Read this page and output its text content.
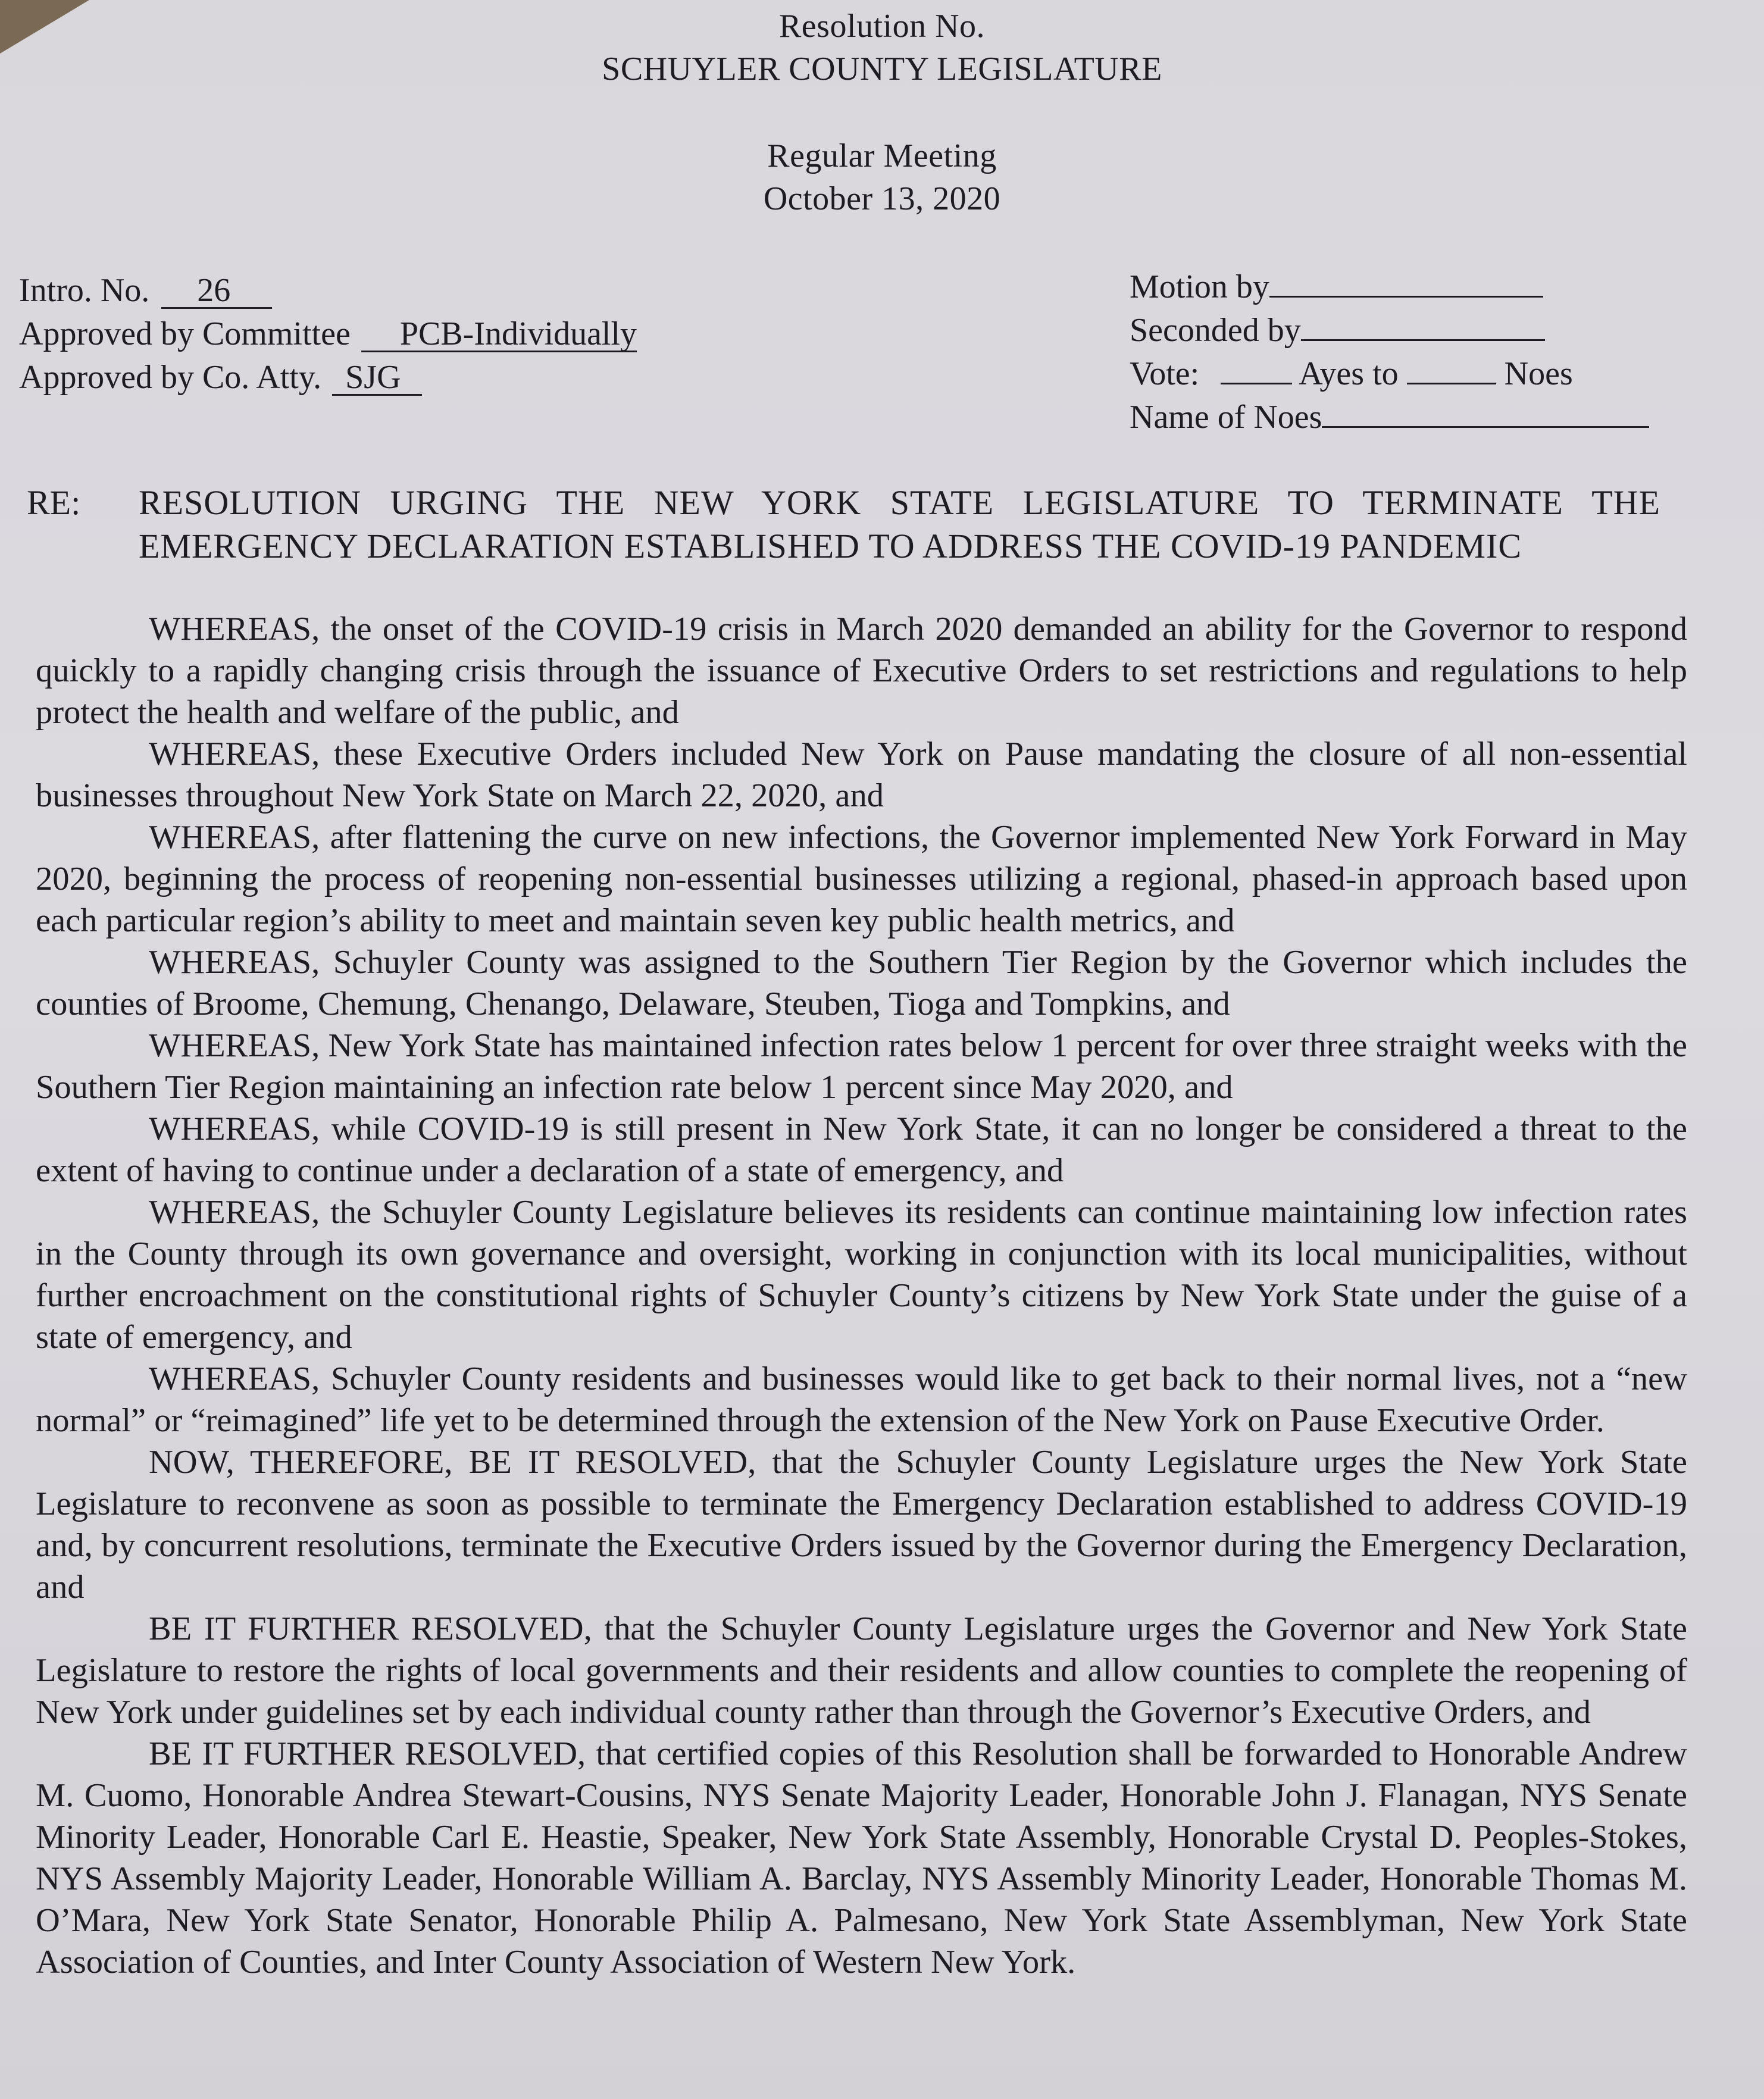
Resolution No.
SCHUYLER COUNTY LEGISLATURE
Regular Meeting
October 13, 2020
Intro. No. 26
Approved by Committee PCB-Individually
Approved by Co. Atty. SJG
Motion by
Seconded by
Vote:	Ayes to	Noes
Name of Noes
RE: RESOLUTION URGING THE NEW YORK STATE LEGISLATURE TO TERMINATE THE EMERGENCY DECLARATION ESTABLISHED TO ADDRESS THE COVID-19 PANDEMIC

WHEREAS, the onset of the COVID-19 crisis in March 2020 demanded an ability for the Governor to respond quickly to a rapidly changing crisis through the issuance of Executive Orders to set restrictions and regulations to help protect the health and welfare of the public, and

WHEREAS, these Executive Orders included New York on Pause mandating the closure of all non-essential businesses throughout New York State on March 22, 2020, and

WHEREAS, after flattening the curve on new infections, the Governor implemented New York Forward in May 2020, beginning the process of reopening non-essential businesses utilizing a regional, phased-in approach based upon each particular region’s ability to meet and maintain seven key public health metrics, and

WHEREAS, Schuyler County was assigned to the Southern Tier Region by the Governor which includes the counties of Broome, Chemung, Chenango, Delaware, Steuben, Tioga and Tompkins, and

WHEREAS, New York State has maintained infection rates below 1 percent for over three straight weeks with the Southern Tier Region maintaining an infection rate below 1 percent since May 2020, and

WHEREAS, while COVID-19 is still present in New York State, it can no longer be considered a threat to the extent of having to continue under a declaration of a state of emergency, and

WHEREAS, the Schuyler County Legislature believes its residents can continue maintaining low infection rates in the County through its own governance and oversight, working in conjunction with its local municipalities, without further encroachment on the constitutional rights of Schuyler County’s citizens by New York State under the guise of a state of emergency, and

WHEREAS, Schuyler County residents and businesses would like to get back to their normal lives, not a “new normal” or “reimagined” life yet to be determined through the extension of the New York on Pause Executive Order.

NOW, THEREFORE, BE IT RESOLVED, that the Schuyler County Legislature urges the New York State Legislature to reconvene as soon as possible to terminate the Emergency Declaration established to address COVID-19 and, by concurrent resolutions, terminate the Executive Orders issued by the Governor during the Emergency Declaration, and

BE IT FURTHER RESOLVED, that the Schuyler County Legislature urges the Governor and New York State Legislature to restore the rights of local governments and their residents and allow counties to complete the reopening of New York under guidelines set by each individual county rather than through the Governor’s Executive Orders, and

BE IT FURTHER RESOLVED, that certified copies of this Resolution shall be forwarded to Honorable Andrew M. Cuomo, Honorable Andrea Stewart-Cousins, NYS Senate Majority Leader, Honorable John J. Flanagan, NYS Senate Minority Leader, Honorable Carl E. Heastie, Speaker, New York State Assembly, Honorable Crystal D. Peoples-Stokes, NYS Assembly Majority Leader, Honorable William A. Barclay, NYS Assembly Minority Leader, Honorable Thomas M. O’Mara, New York State Senator, Honorable Philip A. Palmesano, New York State Assemblyman, New York State Association of Counties, and Inter County Association of Western New York.
